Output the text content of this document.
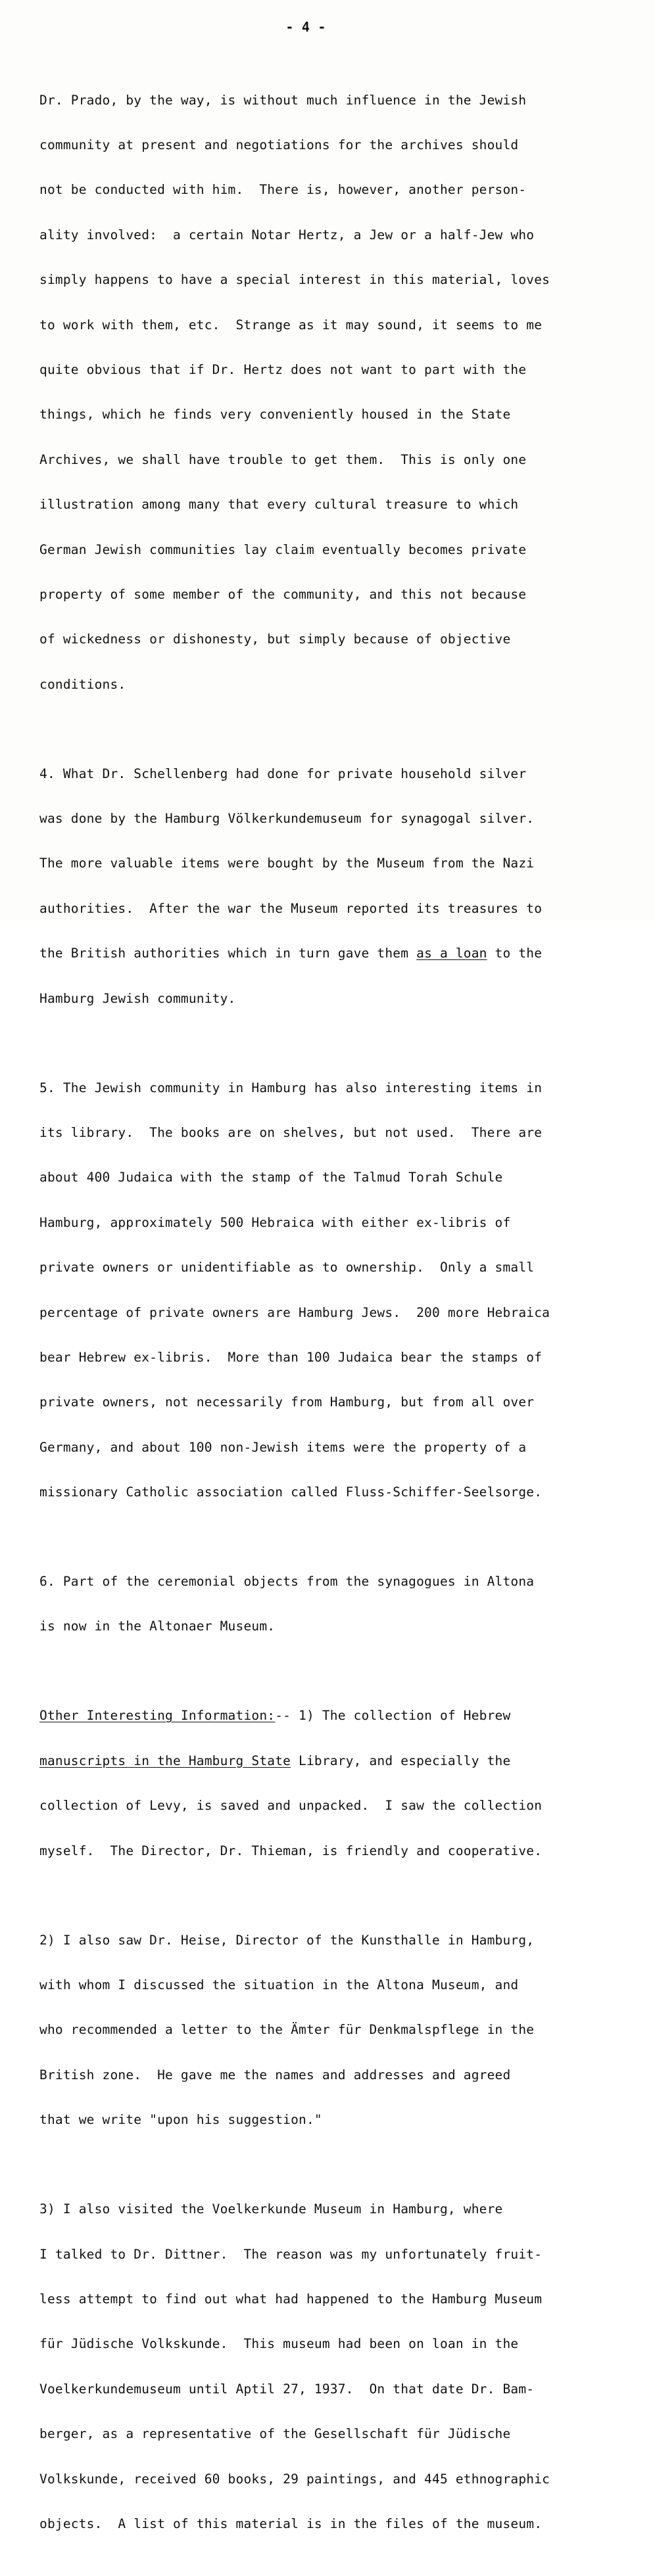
- 4 -

Dr. Prado, by the way, is without much influence in the Jewish

community at present and negotiations for the archives should

not be conducted with him.  There is, however, another person-

ality involved:  a certain Notar Hertz, a Jew or a half-Jew who

simply happens to have a special interest in this material, loves

to work with them, etc.  Strange as it may sound, it seems to me

quite obvious that if Dr. Hertz does not want to part with the

things, which he finds very conveniently housed in the State

Archives, we shall have trouble to get them.  This is only one

illustration among many that every cultural treasure to which

German Jewish communities lay claim eventually becomes private

property of some member of the community, and this not because

of wickedness or dishonesty, but simply because of objective

conditions.

4. What Dr. Schellenberg had done for private household silver

was done by the Hamburg Völkerkundemuseum for synagogal silver.

The more valuable items were bought by the Museum from the Nazi

authorities.  After the war the Museum reported its treasures to

the British authorities which in turn gave them as a loan to the

Hamburg Jewish community.

5. The Jewish community in Hamburg has also interesting items in

its library.  The books are on shelves, but not used.  There are

about 400 Judaica with the stamp of the Talmud Torah Schule

Hamburg, approximately 500 Hebraica with either ex-libris of

private owners or unidentifiable as to ownership.  Only a small

percentage of private owners are Hamburg Jews.  200 more Hebraica

bear Hebrew ex-libris.  More than 100 Judaica bear the stamps of

private owners, not necessarily from Hamburg, but from all over

Germany, and about 100 non-Jewish items were the property of a

missionary Catholic association called Fluss-Schiffer-Seelsorge.

6. Part of the ceremonial objects from the synagogues in Altona

is now in the Altonaer Museum.

Other Interesting Information:-- 1) The collection of Hebrew

manuscripts in the Hamburg State Library, and especially the

collection of Levy, is saved and unpacked.  I saw the collection

myself.  The Director, Dr. Thieman, is friendly and cooperative.

2) I also saw Dr. Heise, Director of the Kunsthalle in Hamburg,

with whom I discussed the situation in the Altona Museum, and

who recommended a letter to the Ämter für Denkmalspflege in the

British zone.  He gave me the names and addresses and agreed

that we write "upon his suggestion."

3) I also visited the Voelkerkunde Museum in Hamburg, where

I talked to Dr. Dittner.  The reason was my unfortunately fruit-

less attempt to find out what had happened to the Hamburg Museum

für Jüdische Volkskunde.  This museum had been on loan in the

Voelkerkundemuseum until Aptil 27, 1937.  On that date Dr. Bam-

berger, as a representative of the Gesellschaft für Jüdische

Volkskunde, received 60 books, 29 paintings, and 445 ethnographic

objects.  A list of this material is in the files of the museum.
